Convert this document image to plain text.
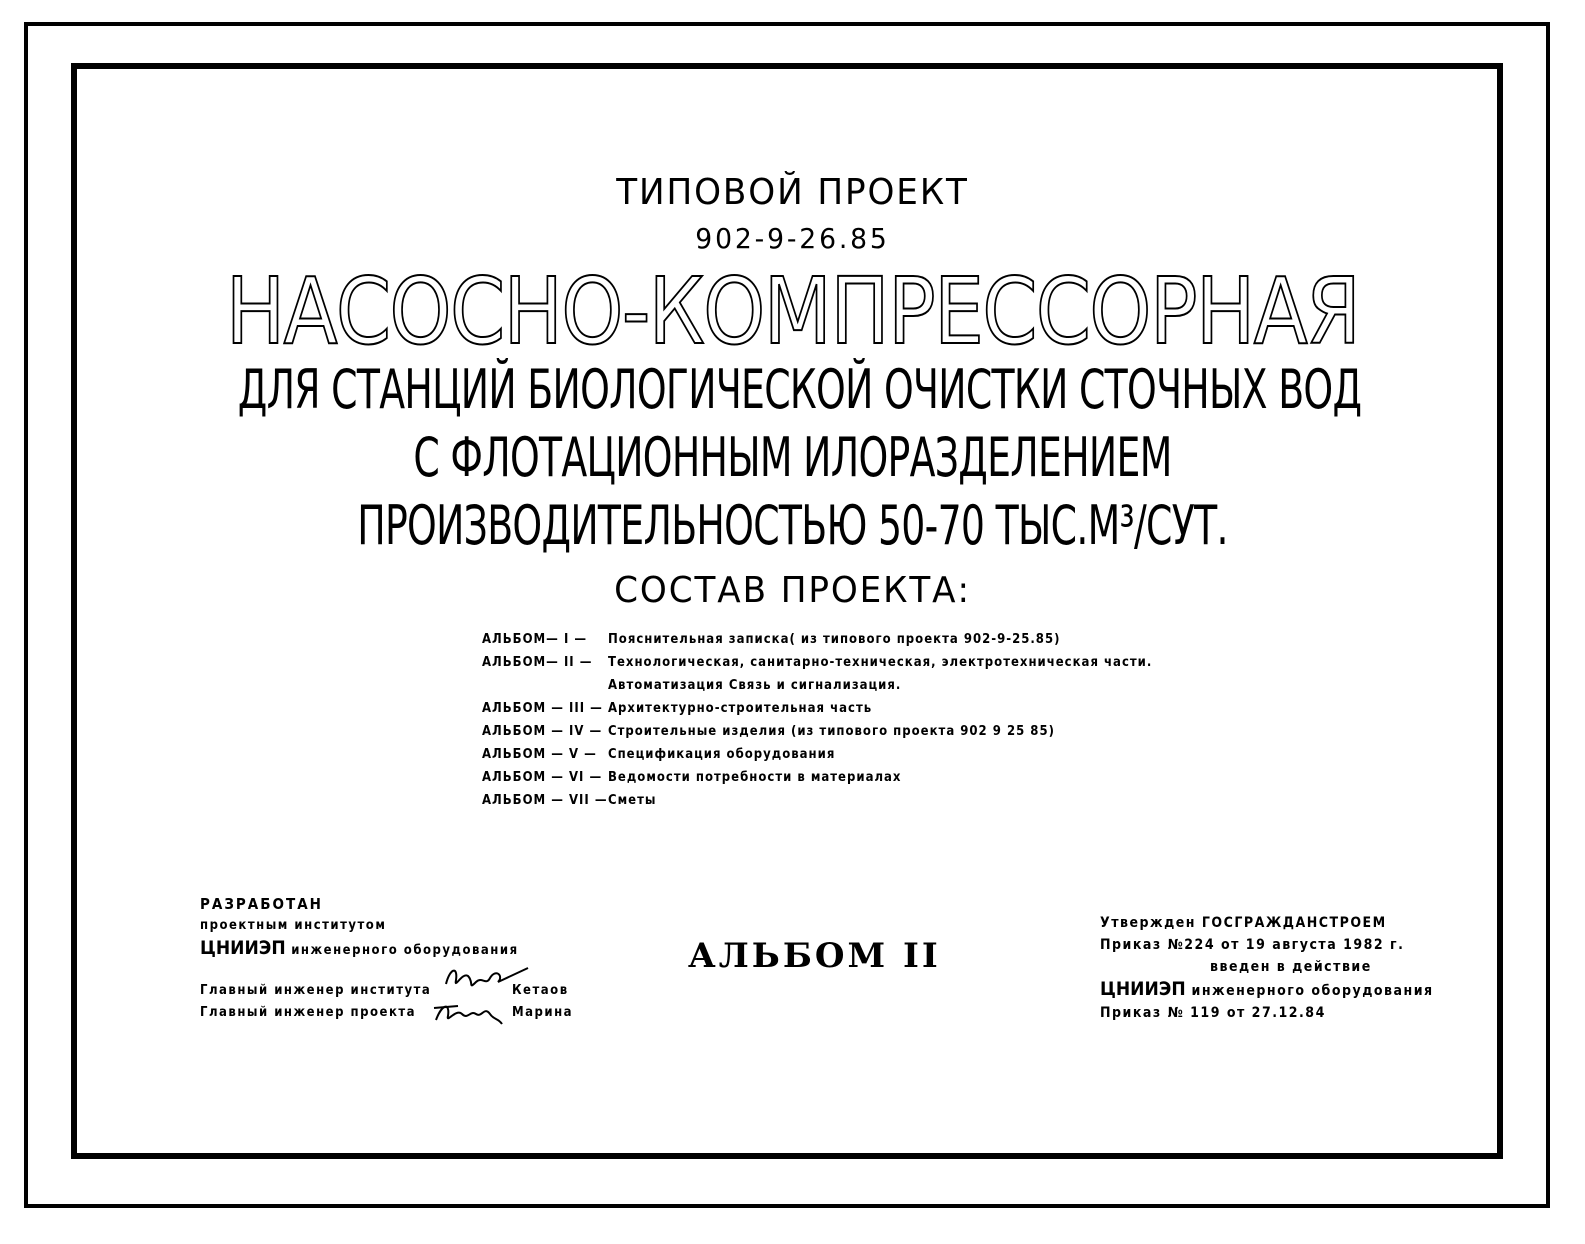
ТИПОВОЙ ПРОЕКТ
902-9-26.85
НАСОСНО-КОМПРЕССОРНАЯ
ДЛЯ СТАНЦИЙ БИОЛОГИЧЕСКОЙ ОЧИСТКИ СТОЧНЫХ ВОД
С ФЛОТАЦИОННЫМ ИЛОРАЗДЕЛЕНИЕМ
ПРОИЗВОДИТЕЛЬНОСТЬЮ 50-70 ТЫС.М³/СУТ.
СОСТАВ ПРОЕКТА:
АЛЬБОМ— I —	Пояснительная записка( из типового проекта 902-9-25.85)
АЛЬБОМ— II —	Технологическая, санитарно-техническая, электротехническая части.
Автоматизация Связь и сигнализация.
АЛЬБОМ — III — Архитектурно-строительная часть
АЛЬБОМ — IV — Строительные изделия (из типового проекта 902 9 25 85)
АЛЬБОМ — V — Спецификация оборудования
АЛЬБОМ — VI — Ведомости потребности в материалах
АЛЬБОМ — VII — Сметы
РАЗРАБОТАН
проектным институтом
ЦНИИЭП инженерного оборудования
Главный инженер института
Главный инженер проекта
Кетаов
Марина
АЛЬБОМ II
Утвержден ГОСГРАЖДАНСТРОЕМ
Приказ №224 от 19 августа 1982 г.
введен в действие
ЦНИИЭП инженерного оборудования
Приказ № 119 от 27.12.84
